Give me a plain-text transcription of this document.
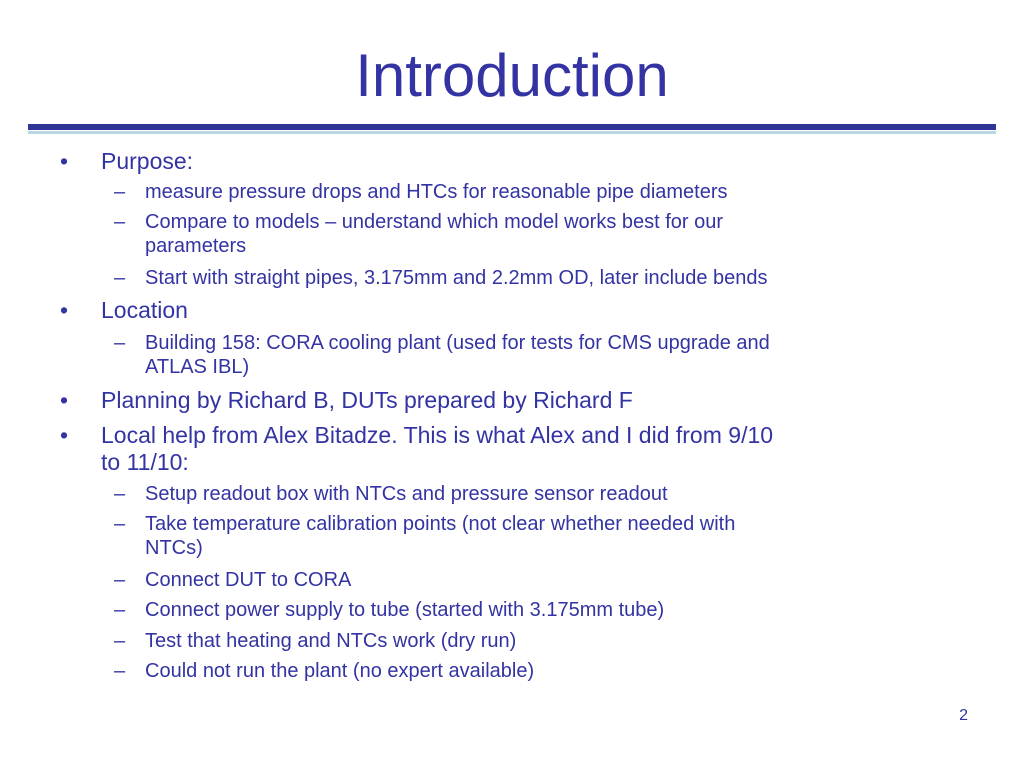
Introduction
•	Purpose:
– measure pressure drops and HTCs for reasonable pipe diameters
– Compare to models – understand which model works best for our
parameters
– Start with straight pipes, 3.175mm and 2.2mm OD, later include bends
•	Location
– Building 158: CORA cooling plant (used for tests for CMS upgrade and
ATLAS IBL)
•	Planning by Richard B, DUTs prepared by Richard F
•	Local help from Alex Bitadze. This is what Alex and I did from 9/10
to 11/10:
– Setup readout box with NTCs and pressure sensor readout
– Take temperature calibration points (not clear whether needed with
NTCs)
– Connect DUT to CORA
– Connect power supply to tube (started with 3.175mm tube)
– Test that heating and NTCs work (dry run)
– Could not run the plant (no expert available)
2
